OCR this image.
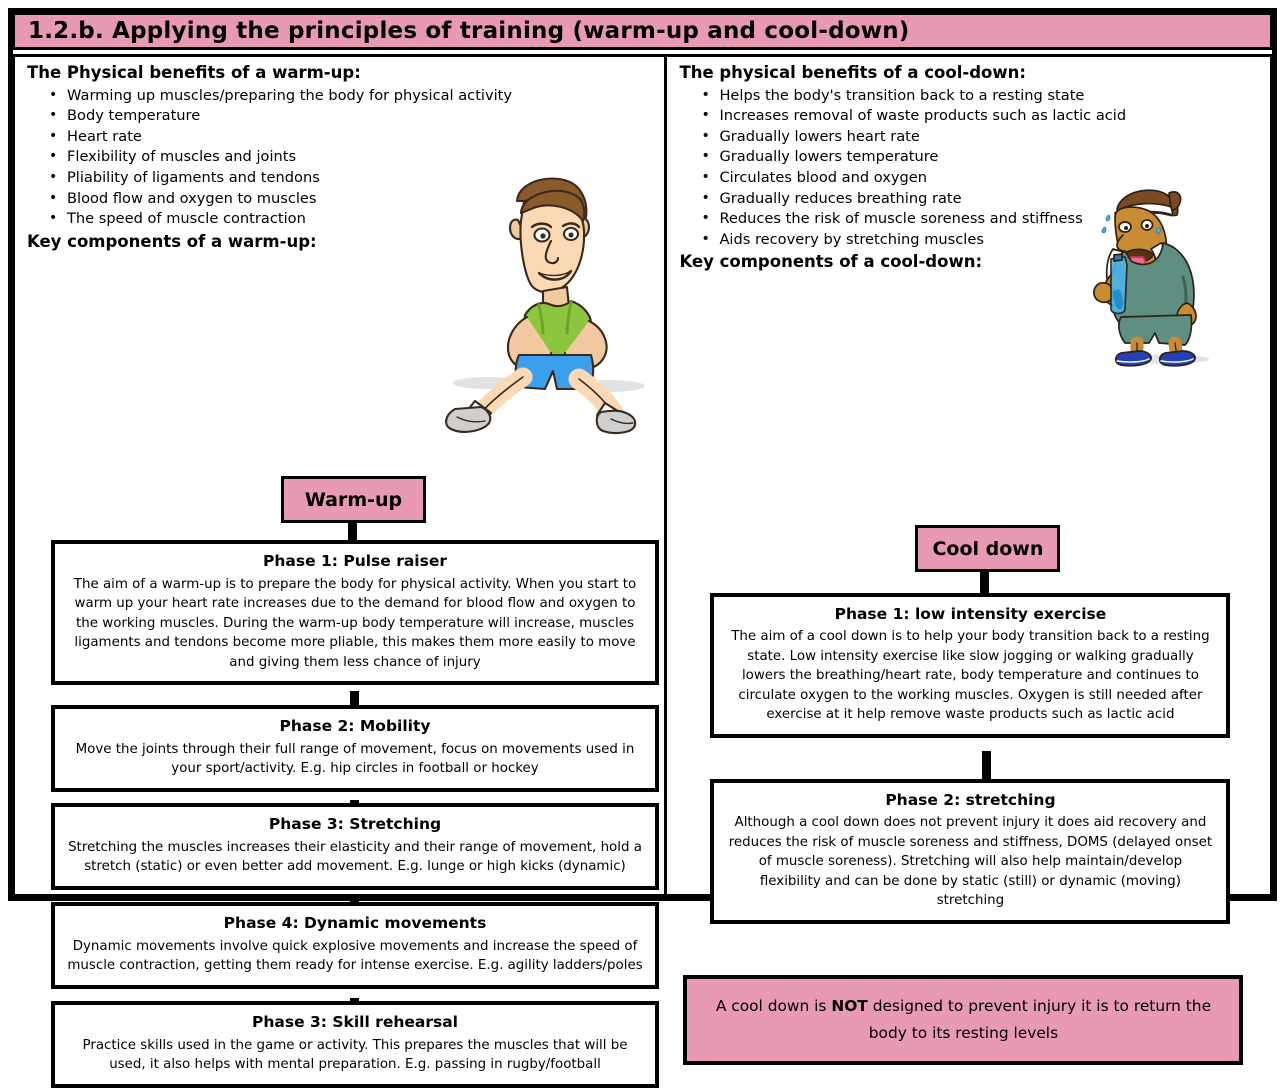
1.2.b. Applying the principles of training (warm-up and cool-down)
The Physical benefits of a warm-up:
• Warming up muscles/preparing the body for physical activity
• Body temperature
• Heart rate
• Flexibility of muscles and joints
• Pliability of ligaments and tendons
• Blood flow and oxygen to muscles
• The speed of muscle contraction
Key components of a warm-up:
Warm-up
Phase 1: Pulse raiser
The aim of a warm-up is to prepare the body for physical activity. When you start to warm up your heart rate increases due to the demand for blood flow and oxygen to the working muscles. During the warm-up body temperature will increase, muscles ligaments and tendons become more pliable, this makes them more easily to move and giving them less chance of injury
Phase 2: Mobility
Move the joints through their full range of movement, focus on movements used in your sport/activity. E.g. hip circles in football or hockey
Phase 3: Stretching
Stretching the muscles increases their elasticity and their range of movement, hold a stretch (static) or even better add movement. E.g. lunge or high kicks (dynamic)
Phase 4: Dynamic movements
Dynamic movements involve quick explosive movements and increase the speed of muscle contraction, getting them ready for intense exercise. E.g. agility ladders/poles
Phase 3: Skill rehearsal
Practice skills used in the game or activity. This prepares the muscles that will be used, it also helps with mental preparation. E.g. passing in rugby/football
The physical benefits of a cool-down:
• Helps the body's transition back to a resting state
• Increases removal of waste products such as lactic acid
• Gradually lowers heart rate
• Gradually lowers temperature
• Circulates blood and oxygen
• Gradually reduces breathing rate
• Reduces the risk of muscle soreness and stiffness
• Aids recovery by stretching muscles
Key components of a cool-down:
Cool down
Phase 1: low intensity exercise
The aim of a cool down is to help your body transition back to a resting state. Low intensity exercise like slow jogging or walking gradually lowers the breathing/heart rate, body temperature and continues to circulate oxygen to the working muscles. Oxygen is still needed after exercise at it help remove waste products such as lactic acid
Phase 2: stretching
Although a cool down does not prevent injury it does aid recovery and reduces the risk of muscle soreness and stiffness, DOMS (delayed onset of muscle soreness). Stretching will also help maintain/develop flexibility and can be done by static (still) or dynamic (moving) stretching
A cool down is NOT designed to prevent injury it is to return the body to its resting levels
